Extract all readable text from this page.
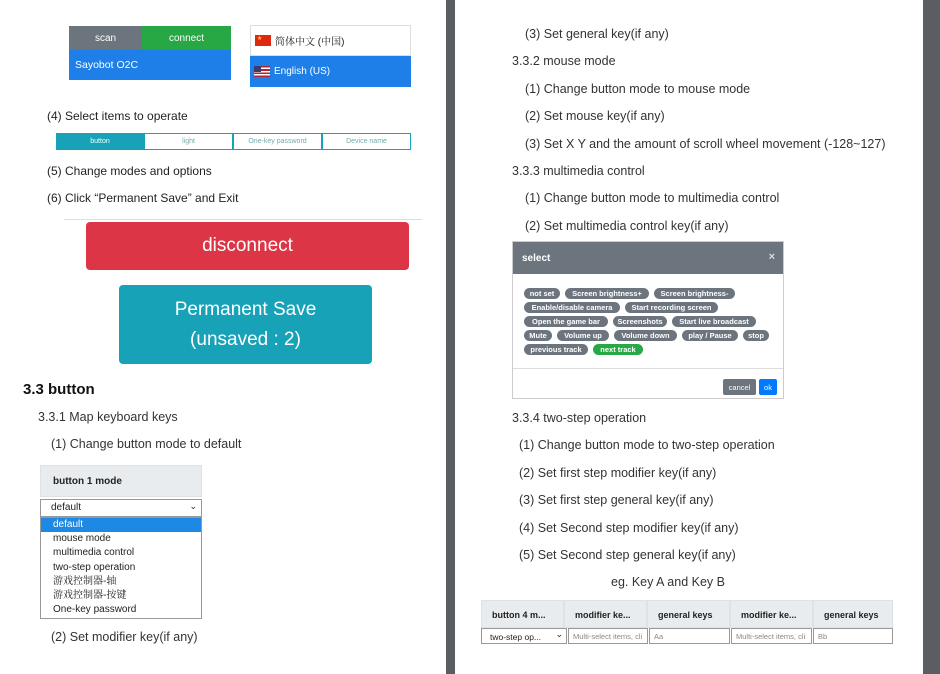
scan	connect
Sayobot O2C
★
简体中文 (中国)
English (US)
(4) Select items to operate
button	light	One-key password	Device name
(5) Change modes and options
(6) Click “Permanent Save” and Exit
disconnect
Permanent Save
(unsaved : 2)
3.3 button
3.3.1 Map keyboard keys
(1) Change button mode to default
button 1 mode
default	⌄
default
mouse mode
multimedia control
two-step operation
游戏控制器-轴
游戏控制器-按键
One-key password
(2) Set modifier key(if any)
(3) Set general key(if any)
3.3.2 mouse mode
(1) Change button mode to mouse mode
(2) Set mouse key(if any)
(3) Set X Y and the amount of scroll wheel movement (-128~127)
3.3.3 multimedia control
(1) Change button mode to multimedia control
(2) Set multimedia control key(if any)
select	×
not set	Screen brightness+	Screen brightness-
Enable/disable camera	Start recording screen
Open the game bar	Screenshots	Start live broadcast
Mute	Volume up	Volume down	play / Pause	stop
previous track	next track
cancel	ok
3.3.4 two-step operation
(1) Change button mode to two-step operation
(2) Set first step modifier key(if any)
(3) Set first step general key(if any)
(4) Set Second step modifier key(if any)
(5) Set Second step general key(if any)
eg. Key A and Key B
button 4 m...	modifier ke...	general keys	modifier ke...	general keys
two-step op... ⌄	Multi-select items, cli	Aa	Multi-select items, cli	Bb
